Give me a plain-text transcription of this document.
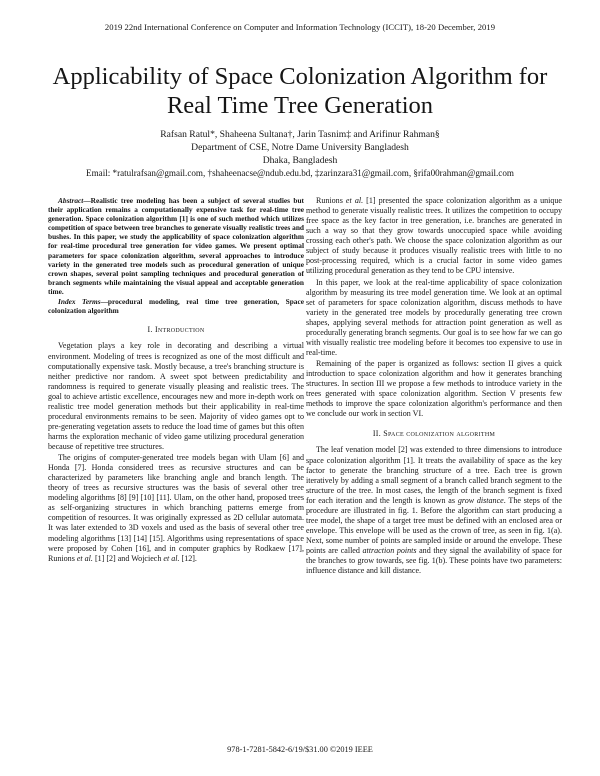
2019 22nd International Conference on Computer and Information Technology (ICCIT), 18-20 December, 2019
Applicability of Space Colonization Algorithm for Real Time Tree Generation
Rafsan Ratul*, Shaheena Sultana†, Jarin Tasnim‡ and Arifinur Rahman§
Department of CSE, Notre Dame University Bangladesh
Dhaka, Bangladesh
Email: *ratulrafsan@gmail.com, †shaheenacse@ndub.edu.bd, ‡zarinzara31@gmail.com, §rifa00rahman@gmail.com

Abstract—Realistic tree modeling has been a subject of several studies but their application remains a computationally expensive task for real-time tree generation. Space colonization algorithm [1] is one of such method which utilizes competition of space between tree branches to generate visually realistic trees and bushes. In this paper, we study the applicability of space colonization algorithm for real-time procedural tree generation for video games. We present optimal parameters for space colonization algorithm, several approaches to introduce variety in the generated tree models such as procedural generation of unique crown shapes, several point sampling techniques and procedural generation of branch segments while maintaining the visual appeal and acceptable generation time.

Index Terms—procedural modeling, real time tree generation, Space colonization algorithm

I. Introduction

Vegetation plays a key role in decorating and describing a virtual environment. Modeling of trees is recognized as one of the most difficult and computationally expensive task. Mostly because, a tree's branching structure is neither predictive nor random. A sweet spot between predictability and randomness is required to generate visually pleasing and realistic trees. The goal to achieve artistic excellence, encourages new and more in-depth work on realistic tree model generation methods but their applicability in real-time procedural environments remains to be seen. Majority of video games opt to pre-generating vegetation assets to reduce the load time of games but this often harms the exploration mechanic of video game utilizing procedural generation because of repetitive tree structures.

The origins of computer-generated tree models began with Ulam [6] and Honda [7]. Honda considered trees as recursive structures and can be characterized by parameters like branching angle and branch length. The theory of trees as recursive structures was the basis of several other tree modeling algorithms [8] [9] [10] [11]. Ulam, on the other hand, proposed trees as self-organizing structures in which branching patterns emerge from competition of resources. It was originally expressed as 2D cellular automata. It was later extended to 3D voxels and used as the basis of several other tree modeling algorithms [13] [14] [15]. Algorithms using representations of space were proposed by Cohen [16], and in computer graphics by Rodkaew [17], Runions et al. [1] [2] and Wojciech et al. [12].

Runions et al. [1] presented the space colonization algorithm as a unique method to generate visually realistic trees. It utilizes the competition to occupy free space as the key factor in tree generation, i.e. branches are generated in such a way so that they grow towards unoccupied space while avoiding crossing each other's path. We choose the space colonization algorithm as our subject of study because it produces visually realistic trees with little to no post-processing required, which is a crucial factor in some video games utilizing procedural generation as they tend to be CPU intensive.

In this paper, we look at the real-time applicability of space colonization algorithm by measuring its tree model generation time. We look at an optimal set of parameters for space colonization algorithm, discuss methods to have variety in the generated tree models by procedurally generating tree crown shapes, applying several methods for attraction point generation as well as procedurally generating branch segments. Our goal is to see how far we can go with visually realistic tree modeling before it becomes too expensive to use in real-time.

Remaining of the paper is organized as follows: section II gives a quick introduction to space colonization algorithm and how it generates branching structures. In section III we propose a few methods to introduce variety in the trees generated with space colonization algorithm. Section V presents few methods to improve the space colonization algorithm's performance and then we conclude our work in section VI.

II. Space colonization algorithm

The leaf venation model [2] was extended to three dimensions to introduce space colonization algorithm [1]. It treats the availability of space as the key factor to generate the branching structure of a tree. Each tree is grown iteratively by adding a small segment of a branch called branch segment to the structure of the tree. In most cases, the length of the branch segment is fixed for each iteration and the length is known as grow distance. The steps of the procedure are illustrated in fig. 1. Before the algorithm can start producing a tree model, the shape of a target tree must be defined with an enclosed area or envelope. This envelope will be used as the crown of tree, as seen in fig. 1(a). Next, some number of points are sampled inside or around the envelope. These points are called attraction points and they signal the availability of space for the branches to grow towards, see fig. 1(b). These points have two parameters: influence distance and kill distance.

978-1-7281-5842-6/19/$31.00 ©2019 IEEE
